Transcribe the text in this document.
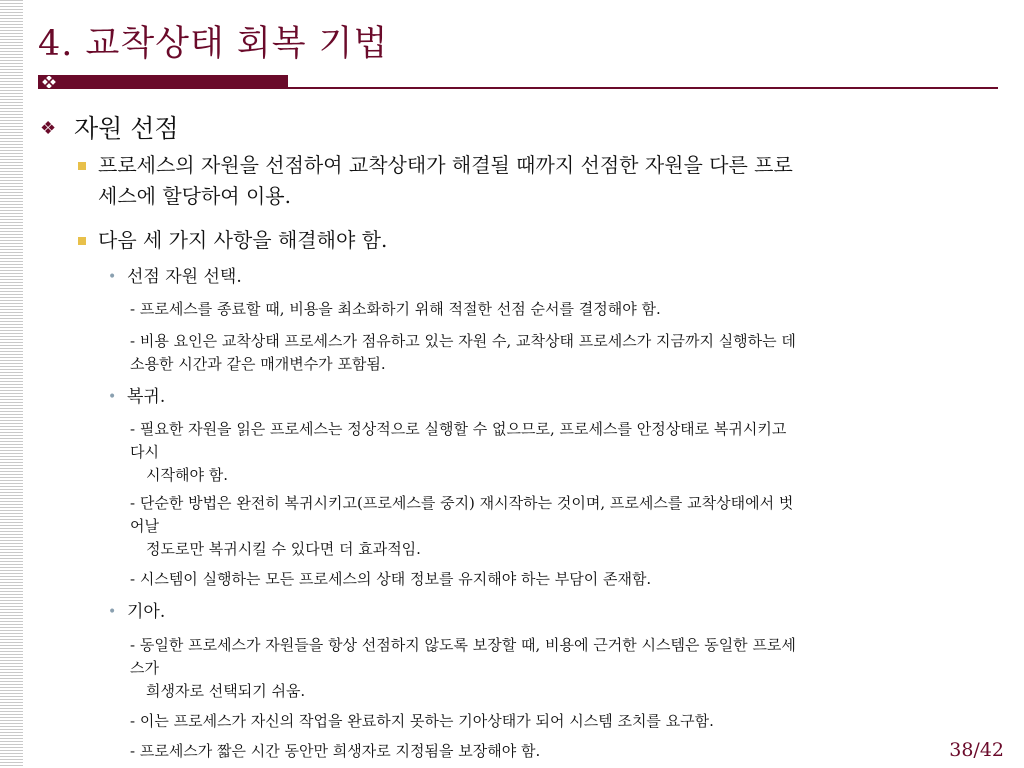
4. 교착상태 회복 기법
❖ 자원 선점
프로세스의 자원을 선점하여 교착상태가 해결될 때까지 선점한 자원을 다른 프로
세스에 할당하여 이용.
다음 세 가지 사항을 해결해야 함.
• 선점 자원 선택.
- 프로세스를 종료할 때, 비용을 최소화하기 위해 적절한 선점 순서를 결정해야 함.
- 비용 요인은 교착상태 프로세스가 점유하고 있는 자원 수, 교착상태 프로세스가 지금까지 실행하는 데
소용한 시간과 같은 매개변수가 포함됨.
• 복귀.
- 필요한 자원을 읽은 프로세스는 정상적으로 실행할 수 없으므로, 프로세스를 안정상태로 복귀시키고
다시
시작해야 함.
- 단순한 방법은 완전히 복귀시키고(프로세스를 중지) 재시작하는 것이며, 프로세스를 교착상태에서 벗
어날
정도로만 복귀시킬 수 있다면 더 효과적임.
- 시스템이 실행하는 모든 프로세스의 상태 정보를 유지해야 하는 부담이 존재함.
• 기아.
- 동일한 프로세스가 자원들을 항상 선점하지 않도록 보장할 때, 비용에 근거한 시스템은 동일한 프로세
스가
희생자로 선택되기 쉬움.
- 이는 프로세스가 자신의 작업을 완료하지 못하는 기아상태가 되어 시스템 조치를 요구함.
- 프로세스가 짧은 시간 동안만 희생자로 지정됨을 보장해야 함.	38/42
